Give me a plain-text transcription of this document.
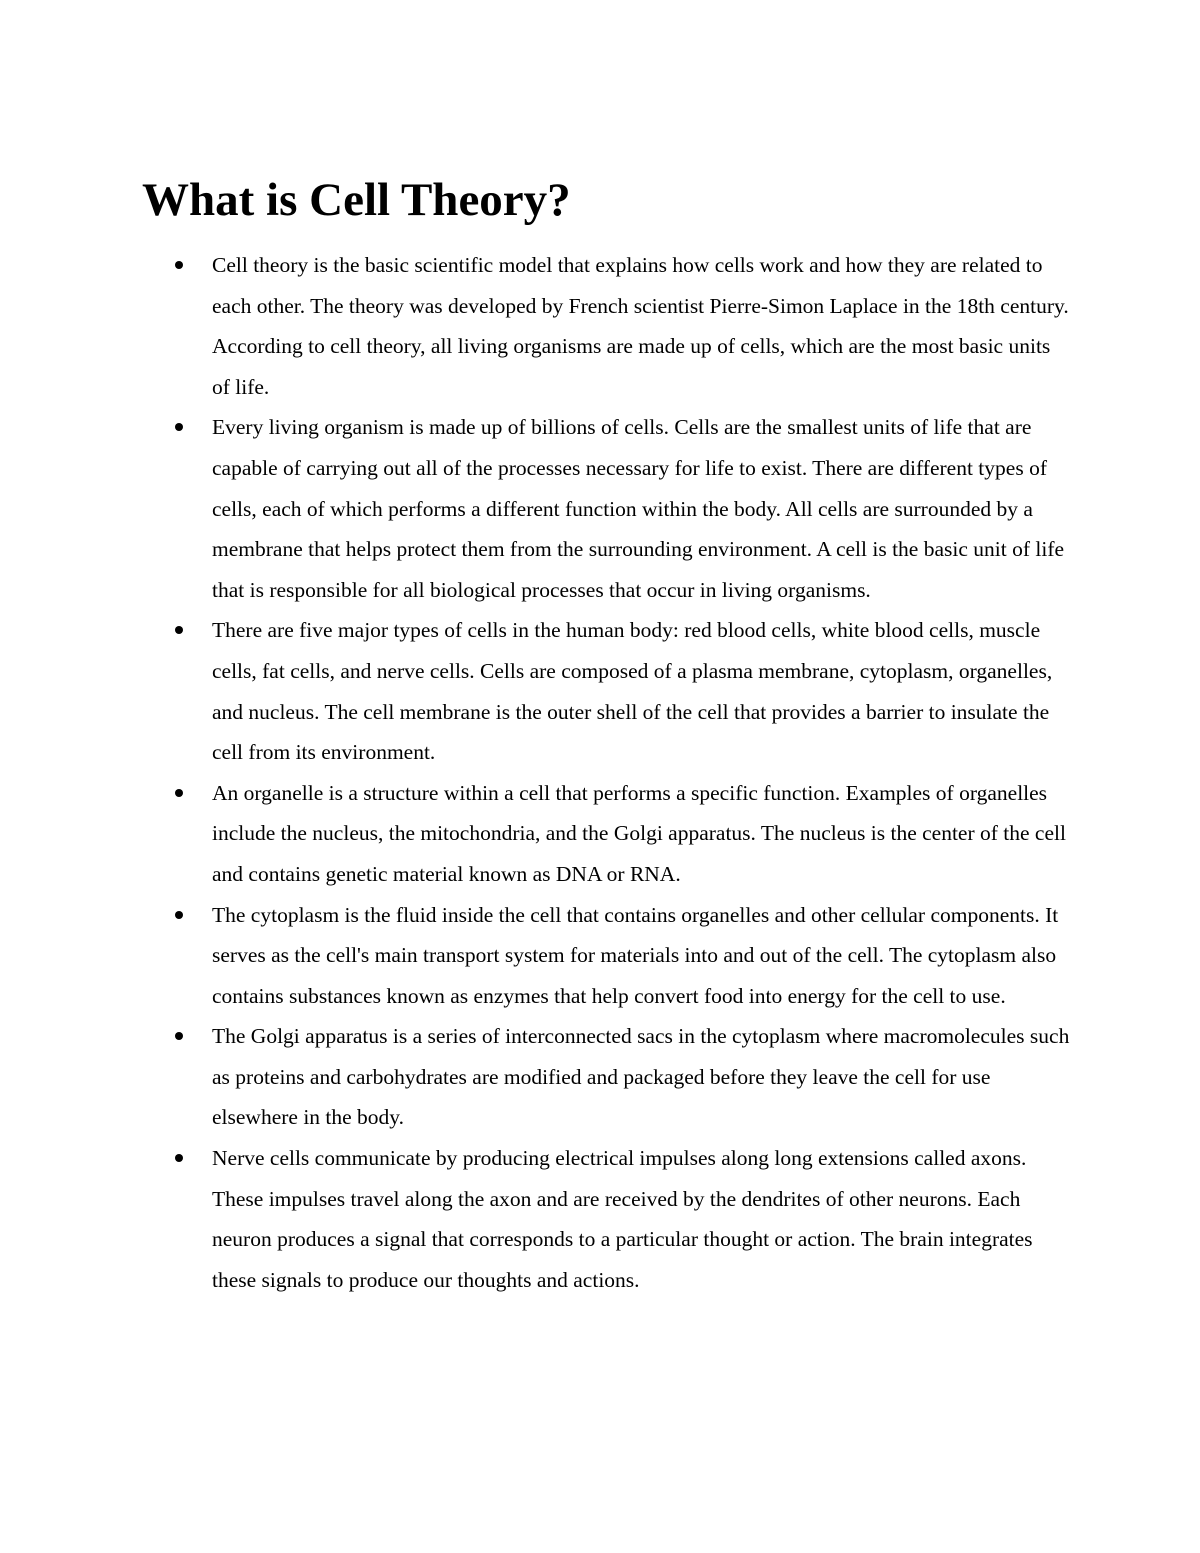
What is Cell Theory?
Cell theory is the basic scientific model that explains how cells work and how they are related to each other. The theory was developed by French scientist Pierre-Simon Laplace in the 18th century. According to cell theory, all living organisms are made up of cells, which are the most basic units of life.
Every living organism is made up of billions of cells. Cells are the smallest units of life that are capable of carrying out all of the processes necessary for life to exist. There are different types of cells, each of which performs a different function within the body. All cells are surrounded by a membrane that helps protect them from the surrounding environment. A cell is the basic unit of life that is responsible for all biological processes that occur in living organisms.
There are five major types of cells in the human body: red blood cells, white blood cells, muscle cells, fat cells, and nerve cells. Cells are composed of a plasma membrane, cytoplasm, organelles, and nucleus. The cell membrane is the outer shell of the cell that provides a barrier to insulate the cell from its environment.
An organelle is a structure within a cell that performs a specific function. Examples of organelles include the nucleus, the mitochondria, and the Golgi apparatus. The nucleus is the center of the cell and contains genetic material known as DNA or RNA.
The cytoplasm is the fluid inside the cell that contains organelles and other cellular components. It serves as the cell's main transport system for materials into and out of the cell. The cytoplasm also contains substances known as enzymes that help convert food into energy for the cell to use.
The Golgi apparatus is a series of interconnected sacs in the cytoplasm where macromolecules such as proteins and carbohydrates are modified and packaged before they leave the cell for use elsewhere in the body.
Nerve cells communicate by producing electrical impulses along long extensions called axons. These impulses travel along the axon and are received by the dendrites of other neurons. Each neuron produces a signal that corresponds to a particular thought or action. The brain integrates these signals to produce our thoughts and actions.
